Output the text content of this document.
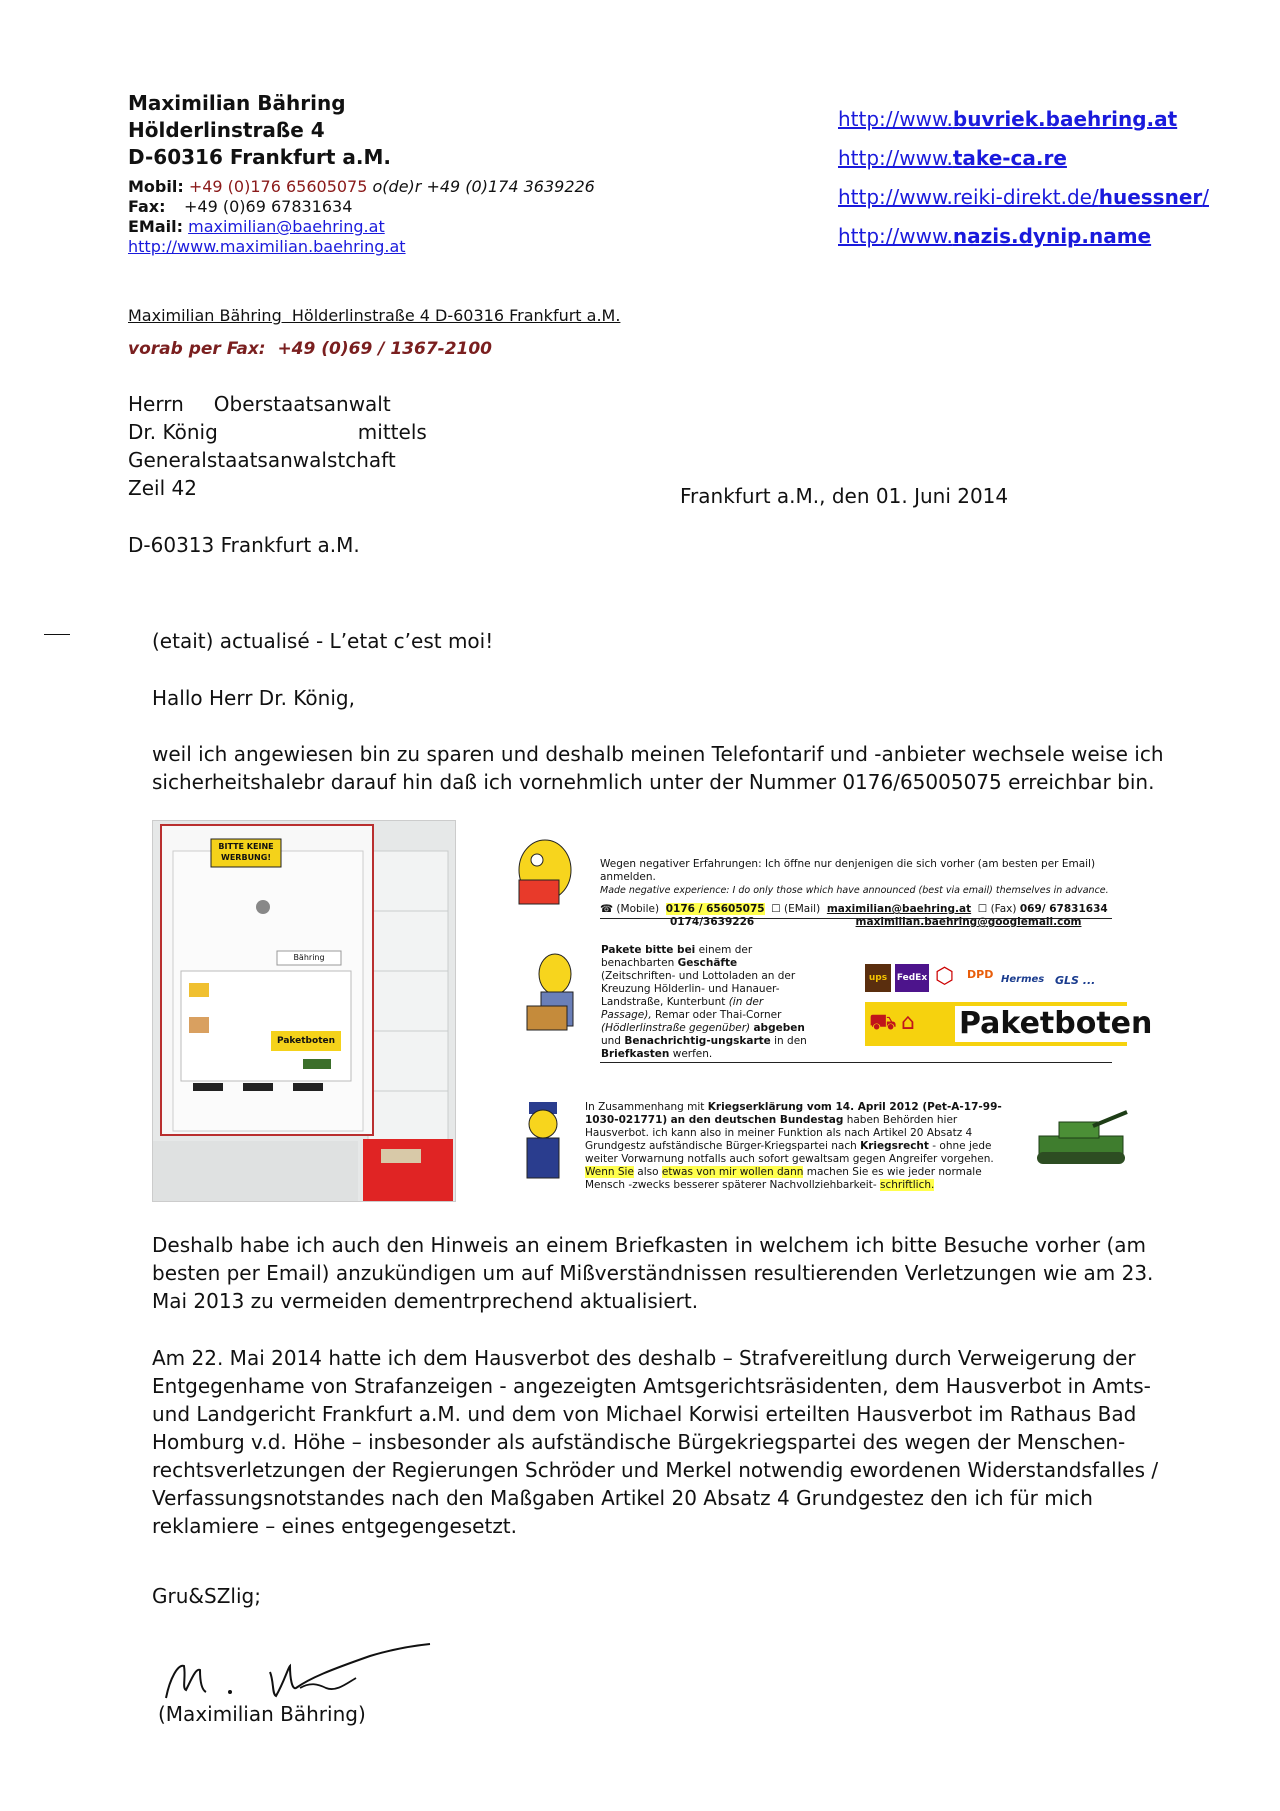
Maximilian Bähring
Hölderlinstraße 4
D-60316 Frankfurt a.M.
Mobil: +49 (0)176 65605075 o(de)r +49 (0)174 3639226
Fax: +49 (0)69 67831634
EMail: maximilian@baehring.at
http://www.maximilian.baehring.at
http://www.buvriek.baehring.at
http://www.take-ca.re
http://www.reiki-direkt.de/huessner/
http://www.nazis.dynip.name
Maximilian Bähring  Hölderlinstraße 4 D-60316 Frankfurt a.M.
vorab per Fax:  +49 (0)69 / 1367-2100
Herrn Oberstaatsanwalt
Dr. König	mittels
Generalstaatsanwalstchaft
Zeil 42	Frankfurt a.M., den 01. Juni 2014
D-60313 Frankfurt a.M.
(etait) actualisé - L’etat c’est moi!
Hallo Herr Dr. König,
weil ich angewiesen bin zu sparen und deshalb meinen Telefontarif und -anbieter wechsele weise ich sicherheitshalebr darauf hin daß ich vornehmlich unter der Nummer 0176/65005075 erreichbar bin.
BITTE KEINE WERBUNG!
Bähring
Paketboten
Wegen negativer Erfahrungen: Ich öffne nur denjenigen die sich vorher (am besten per Email) anmelden.
Made negative experience: I do only those which have announced (best via email) themselves in advance.
☎ (Mobile) 0176 / 65605075  ☐ (EMail) maximilian@baehring.at  ☐ (Fax) 069/ 67831634
0174/3639226	maximilian.baehring@googlemail.com
Pakete bitte bei einem der benachbarten Geschäfte (Zeitschriften- und Lottoladen an der Kreuzung Hölderlin- und Hanauer-Landstraße, Kunterbunt (in der Passage), Remar oder Thai-Corner (Hödlerlinstraße gegenüber) abgeben und Benachrichtig-ungskarte in den Briefkasten werfen.
ups	FedEx ⬡	DPD Hermes GLS ...
⛟ ⌂	Paketboten
In Zusammenhang mit Kriegserklärung vom 14. April 2012 (Pet-A-17-99-1030-021771) an den deutschen Bundestag haben Behörden hier Hausverbot. ich kann also in meiner Funktion als nach Artikel 20 Absatz 4 Grundgestz aufständische Bürger-Kriegspartei nach Kriegsrecht - ohne jede weiter Vorwarnung notfalls auch sofort gewaltsam gegen Angreifer vorgehen. Wenn Sie also etwas von mir wollen dann machen Sie es wie jeder normale Mensch -zwecks besserer späterer Nachvollziehbarkeit- schriftlich.
Deshalb habe ich auch den Hinweis an einem Briefkasten in welchem ich bitte Besuche vorher (am besten per Email) anzukündigen um auf Mißverständnissen resultierenden Verletzungen wie am 23. Mai 2013 zu vermeiden dementrprechend aktualisiert.
Am 22. Mai 2014 hatte ich dem Hausverbot des deshalb – Strafvereitlung durch Verweigerung der Entgegenhame von Strafanzeigen - angezeigten Amtsgerichtsräsidenten, dem Hausverbot in Amts- und Landgericht Frankfurt a.M. und dem von Michael Korwisi erteilten Hausverbot im Rathaus Bad Homburg v.d. Höhe – insbesonder als aufständische Bürgekriegspartei des wegen der Menschen-rechtsverletzungen der Regierungen Schröder und Merkel notwendig ewordenen Widerstandsfalles / Verfassungsnotstandes nach den Maßgaben Artikel 20 Absatz 4 Grundgestez den ich für mich reklamiere – eines entgegengesetzt.
Gru&SZlig;
(Maximilian Bähring)
